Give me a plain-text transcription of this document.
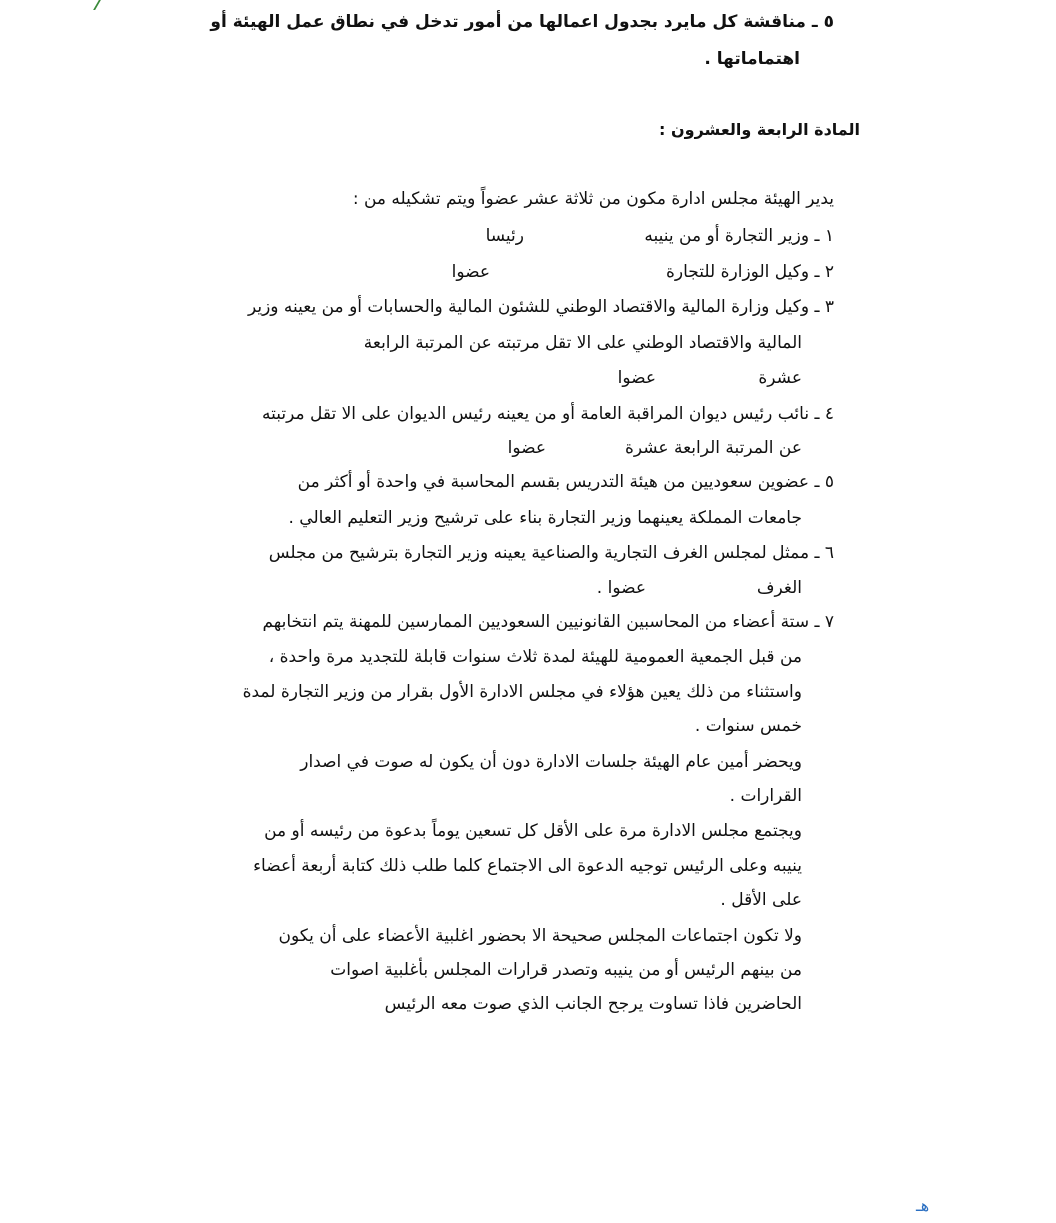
٥ ـ مناقشة كل مايرد بجدول اعمالها من أمور تدخل في نطاق عمل الهيئة أو
اهتماماتها .
المادة الرابعة والعشرون :
يدير الهيئة مجلس ادارة مكون من ثلاثة عشر عضواً ويتم تشكيله من :
١ ـ وزير التجارة أو من ينيبه
رئيسا
٢ ـ وكيل الوزارة للتجارة
عضوا
٣ ـ وكيل وزارة المالية والاقتصاد الوطني للشئون المالية والحسابات أو من يعينه وزير
المالية والاقتصاد الوطني على الا تقل مرتبته عن المرتبة الرابعة
عشرة
عضوا
٤ ـ نائب رئيس ديوان المراقبة العامة أو من يعينه رئيس الديوان على الا تقل مرتبته
عن المرتبة الرابعة عشرة
عضوا
٥ ـ عضوين سعوديين من هيئة التدريس بقسم المحاسبة في واحدة أو أكثر من
جامعات المملكة يعينهما وزير التجارة بناء على ترشيح وزير التعليم العالي .
٦ ـ ممثل لمجلس الغرف التجارية والصناعية يعينه وزير التجارة بترشيح من مجلس
الغرف
عضوا .
٧ ـ ستة أعضاء من المحاسبين القانونيين السعوديين الممارسين للمهنة يتم انتخابهم
من قبل الجمعية العمومية للهيئة لمدة ثلاث سنوات قابلة للتجديد مرة واحدة ،
واستثناء من ذلك يعين هؤلاء في مجلس الادارة الأول بقرار من وزير التجارة لمدة
خمس سنوات .
ويحضر أمين عام الهيئة جلسات الادارة دون أن يكون له صوت في اصدار
القرارات .
ويجتمع مجلس الادارة مرة على الأقل كل تسعين يوماً بدعوة من رئيسه أو من
ينيبه وعلى الرئيس توجيه الدعوة الى الاجتماع كلما طلب ذلك كتابة أربعة أعضاء
على الأقل .
ولا تكون اجتماعات المجلس صحيحة الا بحضور اغلبية الأعضاء على أن يكون
من بينهم الرئيس أو من ينيبه وتصدر قرارات المجلس بأغلبية اصوات
الحاضرين فاذا تساوت يرجح الجانب الذي صوت معه الرئيس
هـ
